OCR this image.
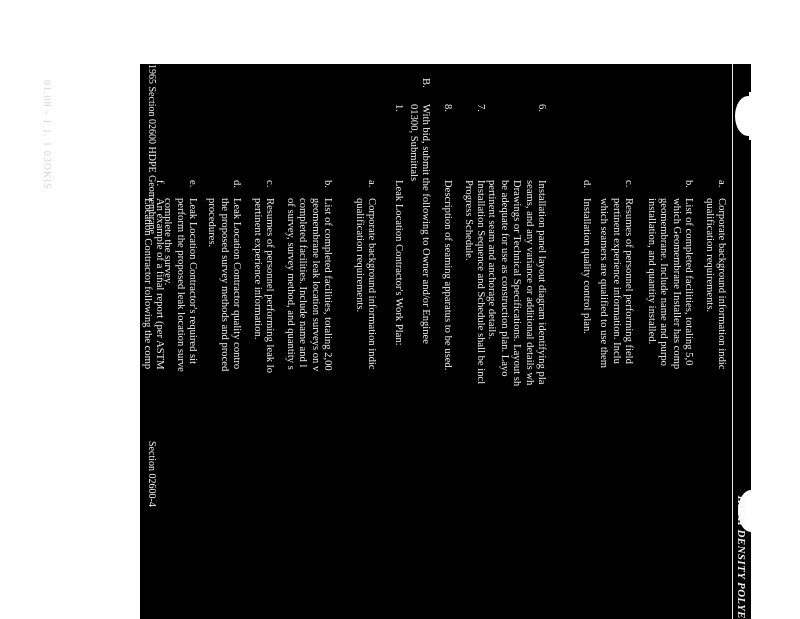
01.08 - 1 1. 1 03OKlS
HIGH DENSITY POLYE
a.
Corporate background information indic
qualification requirements.
b.
List of completed facilities, totaling 5,0
which Geomembrane Installer has comp
geomembrane. Include name and purpo
installation, and quantity installed.
c.
Resumes of personnel performing field
pertinent experience information. Inclu
which seamers are qualified to use them
d.
Installation quality control plan.
6.
Installation panel layout diagram identifying pla
seams, and any variance or additional details wh
Drawings or Technical Specifications. Layout sh
be adequate for use as construction plan. Layo
pertinent seam and anchorage details.
7.
Installation Sequence and Schedule shall be incl
Progress Schedule.
8.
Description of seaming apparatus to be used.
B.
With bid, submit the following to Owner and/or Enginee
01300, Submittals
1.
Leak Location Contractor's Work Plan:
a.
Corporate background information indic
qualification requirements.
b.
List of completed facilities, totaling 2,00
geomembrane leak location surveys on v
completed facilities. Include name and l
of survey, survey method, and quantity s
c.
Resumes of personnel performing leak lo
pertinent experience information.
d.
Leak Location Contractor quality contro
the proposed survey methods and proced
procedures.
e.
Leak Location Contractor's required sit
perform the proposed leak location surve
complete the survey.
f.
An example of a final report (per ASTM
Location Contractor following the comp
1965 Section 02600 HDPE Geomembrane
Section 02600-4
